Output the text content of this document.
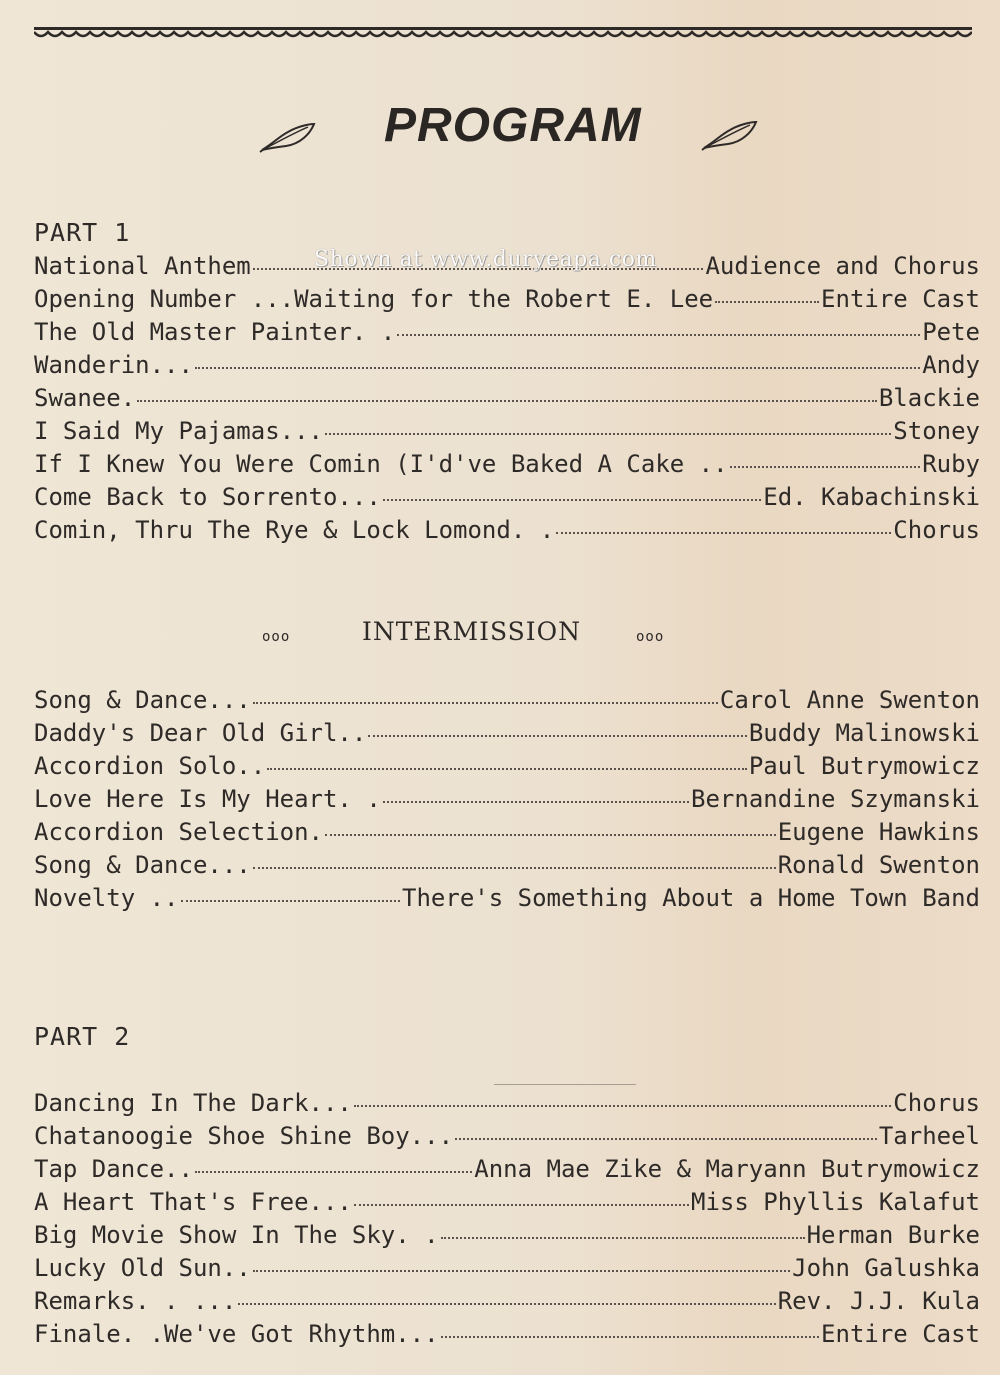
PROGRAM
PART 1
National Anthem	Audience and Chorus
Opening Number ...Waiting for the Robert E. Lee	Entire Cast
The Old Master Painter. .	Pete
Wanderin...	Andy
Swanee.	Blackie
I Said My Pajamas...	Stoney
If I Knew You Were Comin (I'd've Baked A Cake ..	Ruby
Come Back to Sorrento...	Ed. Kabachinski
Comin, Thru The Rye & Lock Lomond. .	Chorus
Shown at www.duryeapa.com
ooo	INTERMISSION	ooo
Song & Dance...	Carol Anne Swenton
Daddy's Dear Old Girl..	Buddy Malinowski
Accordion Solo..	Paul Butrymowicz
Love Here Is My Heart. .	Bernandine Szymanski
Accordion Selection.	Eugene Hawkins
Song & Dance...	Ronald Swenton
Novelty ..	There's Something About a Home Town Band
PART 2
Dancing In The Dark...	Chorus
Chatanoogie Shoe Shine Boy...	Tarheel
Tap Dance..	Anna Mae Zike & Maryann Butrymowicz
A Heart That's Free...	Miss Phyllis Kalafut
Big Movie Show In The Sky. .	Herman Burke
Lucky Old Sun..	John Galushka
Remarks. . ...	Rev. J.J. Kula
Finale. .We've Got Rhythm...	Entire Cast
